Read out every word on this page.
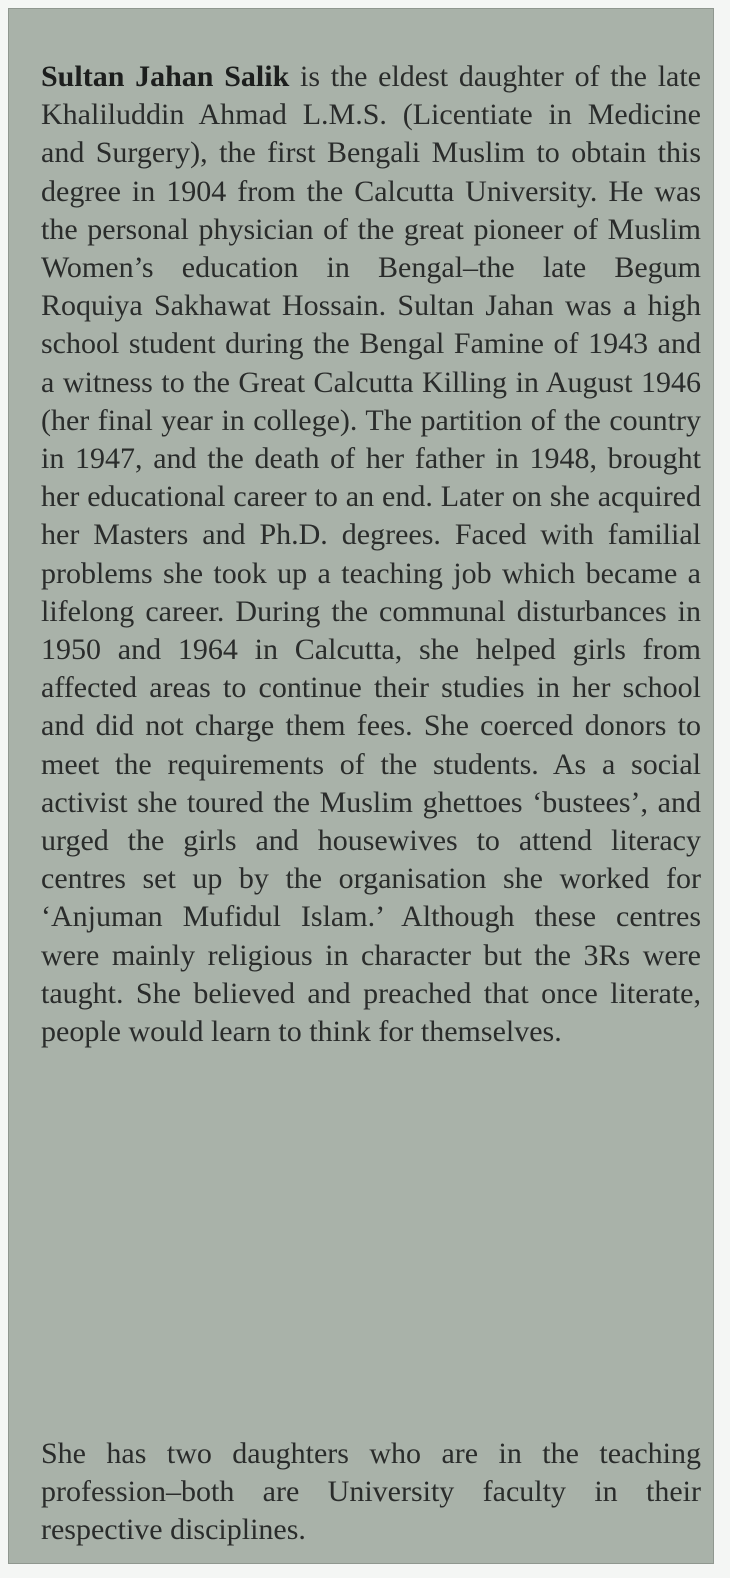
Sultan Jahan Salik is the eldest daughter of the late Khaliluddin Ahmad L.M.S. (Licentiate in Medicine and Surgery), the first Bengali Muslim to obtain this degree in 1904 from the Calcutta University. He was the personal physician of the great pioneer of Muslim Women’s education in Bengal–the late Begum Roquiya Sakhawat Hossain. Sultan Jahan was a high school student during the Bengal Famine of 1943 and a witness to the Great Calcutta Killing in August 1946 (her final year in college). The partition of the country in 1947, and the death of her father in 1948, brought her educational career to an end. Later on she acquired her Masters and Ph.D. degrees. Faced with familial problems she took up a teaching job which became a lifelong career. During the communal disturbances in 1950 and 1964 in Calcutta, she helped girls from affected areas to continue their studies in her school and did not charge them fees. She coerced donors to meet the requirements of the students. As a social activist she toured the Muslim ghettoes ‘bustees’, and urged the girls and housewives to attend literacy centres set up by the organisation she worked for ‘Anjuman Mufidul Islam.’ Although these centres were mainly religious in character but the 3Rs were taught. She believed and preached that once literate, people would learn to think for themselves.

She has two daughters who are in the teaching profession–both are University faculty in their respective disciplines.
